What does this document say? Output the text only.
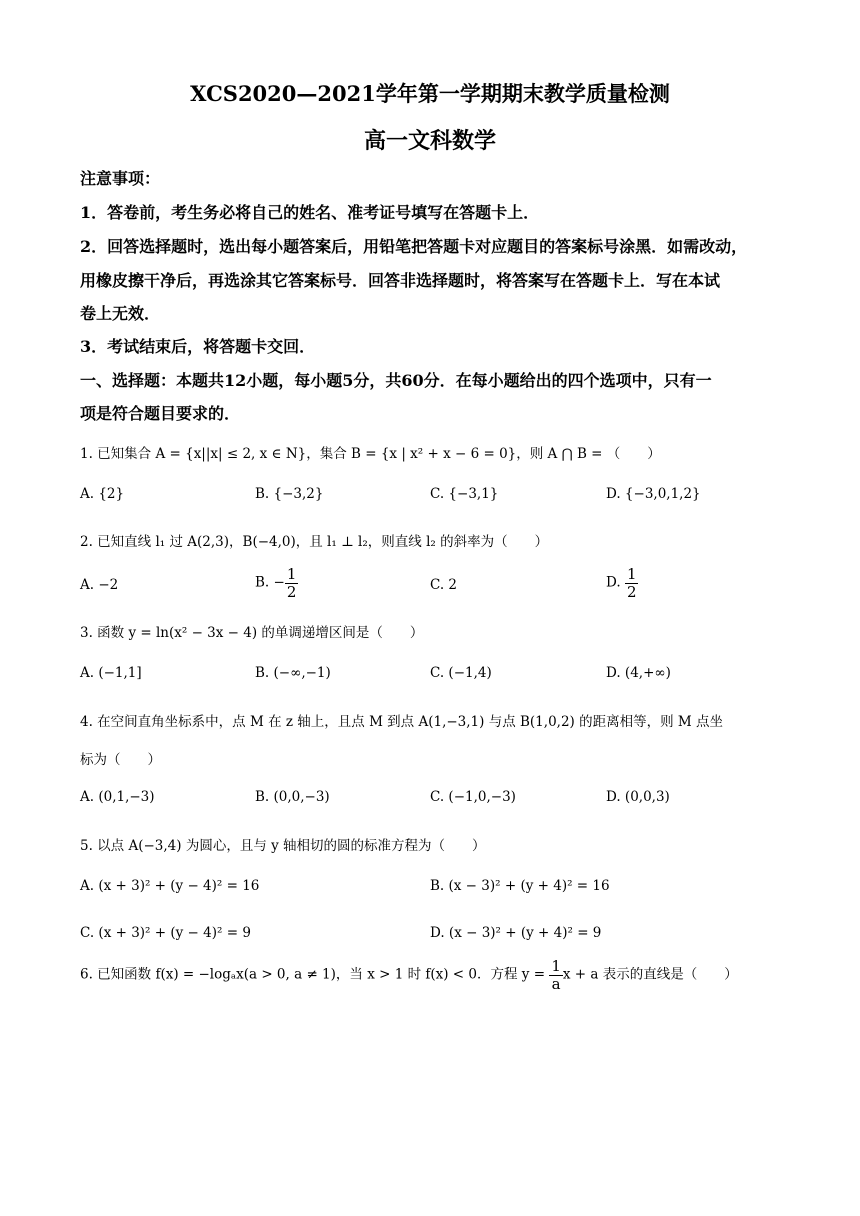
XCS2020—2021学年第一学期期末教学质量检测
高一文科数学
注意事项：
1．答卷前，考生务必将自己的姓名、准考证号填写在答题卡上．
2．回答选择题时，选出每小题答案后，用铅笔把答题卡对应题目的答案标号涂黑．如需改动，
用橡皮擦干净后，再选涂其它答案标号．回答非选择题时，将答案写在答题卡上．写在本试
卷上无效．
3．考试结束后，将答题卡交回．
一、选择题：本题共12小题，每小题5分，共60分．在每小题给出的四个选项中，只有一
项是符合题目要求的．
1. 已知集合 A = {x||x| ≤ 2, x ∈ N}，集合 B = {x | x² + x − 6 = 0}，则 A ⋂ B = （　　）
A. {2}	B. {−3,2}	C. {−3,1}	D. {−3,0,1,2}
2. 已知直线 l₁ 过 A(2,3)，B(−4,0)，且 l₁ ⊥ l₂，则直线 l₂ 的斜率为（　　）
A. −2	B. − $\frac{1}{2}$	C. 2	D. $\frac{1}{2}$
3. 函数 y = ln(x² − 3x − 4) 的单调递增区间是（　　）
A. (−1,1]	B. (−∞,−1)	C. (−1,4)	D. (4,+∞)
4. 在空间直角坐标系中，点 M 在 z 轴上，且点 M 到点 A(1,−3,1) 与点 B(1,0,2) 的距离相等，则 M 点坐
标为（　　）
A. (0,1,−3)	B. (0,0,−3)	C. (−1,0,−3)	D. (0,0,3)
5. 以点 A(−3,4) 为圆心，且与 y 轴相切的圆的标准方程为（　　）
A. (x + 3)² + (y − 4)² = 16	B. (x − 3)² + (y + 4)² = 16
C. (x + 3)² + (y − 4)² = 9	D. (x − 3)² + (y + 4)² = 9
6. 已知函数 f(x) = −logₐx(a > 0, a ≠ 1)，当 x > 1 时 f(x) < 0．方程 $y = \frac{1}{a}$ x + a 表示的直线是（　　）
